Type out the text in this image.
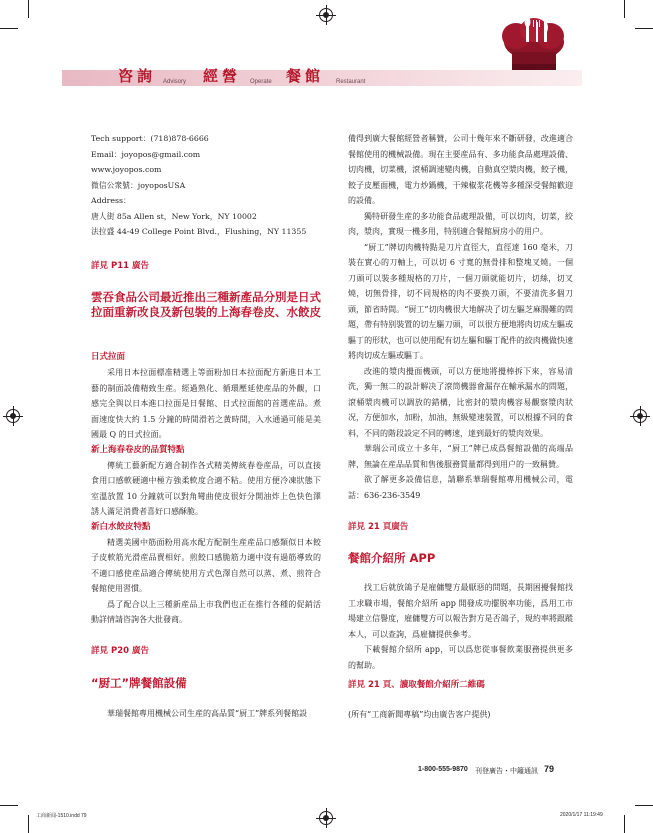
咨詢 Advisory 經營 Operate 餐館 Restaurant
Tech support：(718)878-6666
Email：joyopos@gmail.com
www.joyopos.com
微信公衆號：joyoposUSA
Address：
唐人街 85a Allen st，New York，NY 10002
法拉盛 44-49 College Point Blvd.，Flushing，NY 11355
詳見 P11 廣告
雲吞食品公司最近推出三種新產品分別是日式拉面重新改良及新包裝的上海春卷皮、水餃皮
日式拉面

采用日本拉面標准精選上等面粉加日本拉面配方新進日本工藝的制面設備精致生産。經過熟化、循環壓延使産品的外觀，口感完全與以日本進口拉面是日餐館、日式拉面館的首選産品。煮面速度快大約 1.5 分鐘的時間滑若之黃時間，入水通過可能是美國最 Q 的日式拉面。

新上海春卷皮的品質特點

傳統工藝新配方適合制作各式精美傳統春卷産品，可以直接食用口感軟硬適中極方強柔軟度合適不粘。使用方便冷凍狀態下室溫放置 10 分鐘就可以對角彎曲使皮很好分開油炸上色快色澤誘人滿足消費者喜好口感酥脆。

新白水餃皮特點

精選美國中筋面粉用高水配方配制生産産品口感類似日本餃子皮軟筋光滑産品賣相好。煎餃口感脆筋力適中沒有過筋導致的不適口感使産品適合傳統使用方式色澤自然可以蒸、煮、煎符合餐館使用習慣。

爲了配合以上三種新産品上市我們也正在推行各種的促銷活動詳情請咨詢各大批發商。

詳見 P20 廣告
“厨工”牌餐館設備

華瑞餐館專用機械公司生産的高品質“厨工”牌系列餐館設

備得到廣大餐館經營者稱贊，公司十幾年來不斷研發，改進適合餐館使用的機械設備。現在主要産品有、多功能食品處理設備、切肉機，切菜機，滾桶調速變肉機，自動真空漿肉機，餃子機，餃子皮壓面機，電力炒鍋機，干辣椒浆花機等多種深受餐館歡迎的設備。

獨特研發生産的多功能食品處理設備，可以切肉，切菜，絞肉，漿肉，實現一機多用，特别適合餐館厨房小的用户。

“厨工”牌切肉機特點是刀片直徑大，直徑達 160 毫米，刀裝在實心的刀軸上，可以切 6 寸寬的無骨排和整塊叉燒。一個刀頭可以裝多種規格的刀片，一個刀頭就能切片，切絲，切叉燒，切無骨排，切不同規格的肉不要换刀頭，不要清洗多個刀頭，節省時間。“厨工”切肉機很大地解决了切左驅芝麻腸難的問題，帶有特别裝置的切左驅刀頭，可以很方便地將肉切成左驅或驅丁的形狀，也可以使用配有切左驅和驅丁配件的絞肉機做快速將肉切成左驅或驅丁。

改進的漿肉攪面機頭，可以方便地將攪棒拆下來，容易清洗，獨一無二的設計解决了滾筒機器會漏存在輸承漏水的問題，滾桶漿肉機可以調放的錯構，比密封的漿肉機容易觀察漿肉狀况，方便加水，加粉，加油，無級變速裝置，可以根據不同的食料，不同的階段設定不同的轉速，達到最好的漿肉效果。

華瑞公司成立十多年，“厨工”牌已成爲餐館設備的高端品牌，無論在産品品質和售後服務質量都得到用户的一致稱贊。

欲了解更多設備信息，請聯系華瑞餐館專用機械公司，電話：636-236-3549

詳見 21 頁廣告
餐館介紹所 APP

找工后就放鴿子是雇傭雙方最厭惡的問題，長期困擾餐館找工求職市場，餐館介紹所 app 開發成功擺脱率功能，爲用工市場建立信譽度，雇傭雙方可以報告對方是否鴿子，規約率將跟蹤本人，可以查詢，爲雇傭提供參考。

下載餐館介紹所 app，可以爲您從事餐飲業服務提供更多的幫助。

詳見 21 頁、讀取餐館介紹所二維碼
(所有“工商新聞專稿”均由廣告客户提供)
1-800-555-9870 刊登廣告・中籬通訊 79
工商新闻-1510.indd 79	2020/1/17 11:19:49
